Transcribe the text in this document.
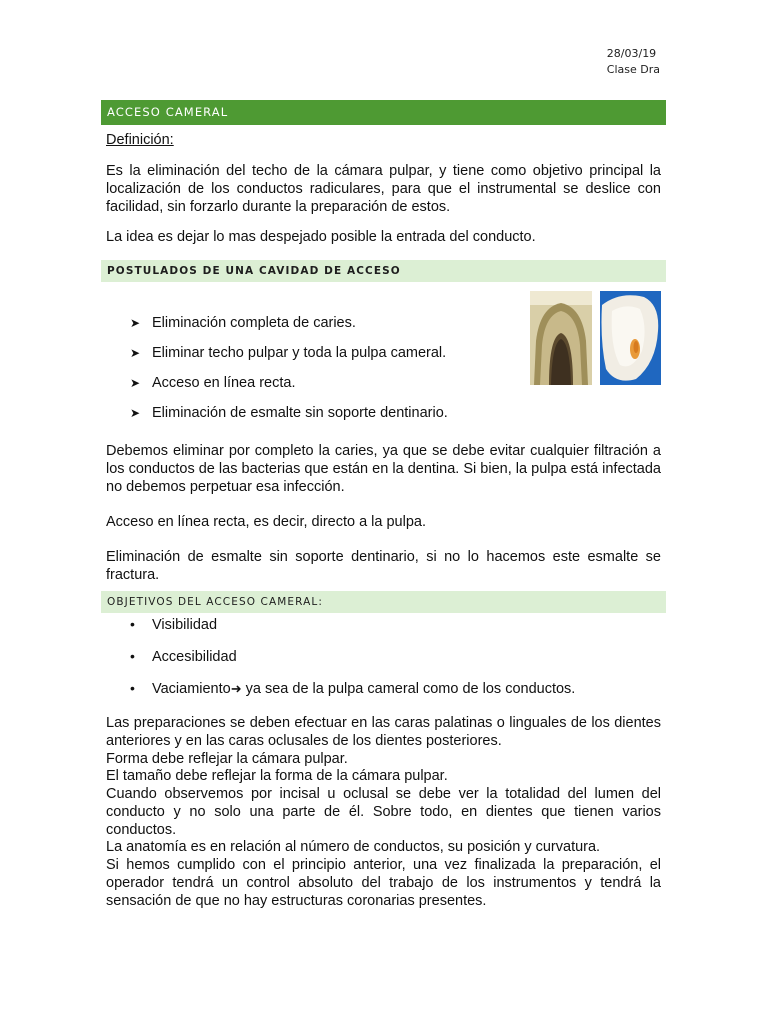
28/03/19
Clase Dra
ACCESO CAMERAL

Definición:

Es la eliminación del techo de la cámara pulpar, y tiene como objetivo principal la localización de los conductos radiculares, para que el instrumental se deslice con facilidad, sin forzarlo durante la preparación de estos.

La idea es dejar lo mas despejado posible la entrada del conducto.

POSTULADOS DE UNA CAVIDAD DE ACCESO
➤ Eliminación completa de caries.
➤ Eliminar techo pulpar y toda la pulpa cameral.
➤ Acceso en línea recta.
➤ Eliminación de esmalte sin soporte dentinario.

Debemos eliminar por completo la caries, ya que se debe evitar cualquier filtración a los conductos de las bacterias que están en la dentina. Si bien, la pulpa está infectada no debemos perpetuar esa infección.

Acceso en línea recta, es decir, directo a la pulpa.

Eliminación de esmalte sin soporte dentinario, si no lo hacemos este esmalte se fractura.

OBJETIVOS DEL ACCESO CAMERAL:
• Visibilidad
• Accesibilidad
• Vaciamiento➜ ya sea de la pulpa cameral como de los conductos.

Las preparaciones se deben efectuar en las caras palatinas o linguales de los dientes anteriores y en las caras oclusales de los dientes posteriores.

Forma debe reflejar la cámara pulpar.

El tamaño debe reflejar la forma de la cámara pulpar.

Cuando observemos por incisal u oclusal se debe ver la totalidad del lumen del conducto y no solo una parte de él. Sobre todo, en dientes que tienen varios conductos.

La anatomía es en relación al número de conductos, su posición y curvatura.

Si hemos cumplido con el principio anterior, una vez finalizada la preparación, el operador tendrá un control absoluto del trabajo de los instrumentos y tendrá la sensación de que no hay estructuras coronarias presentes.
